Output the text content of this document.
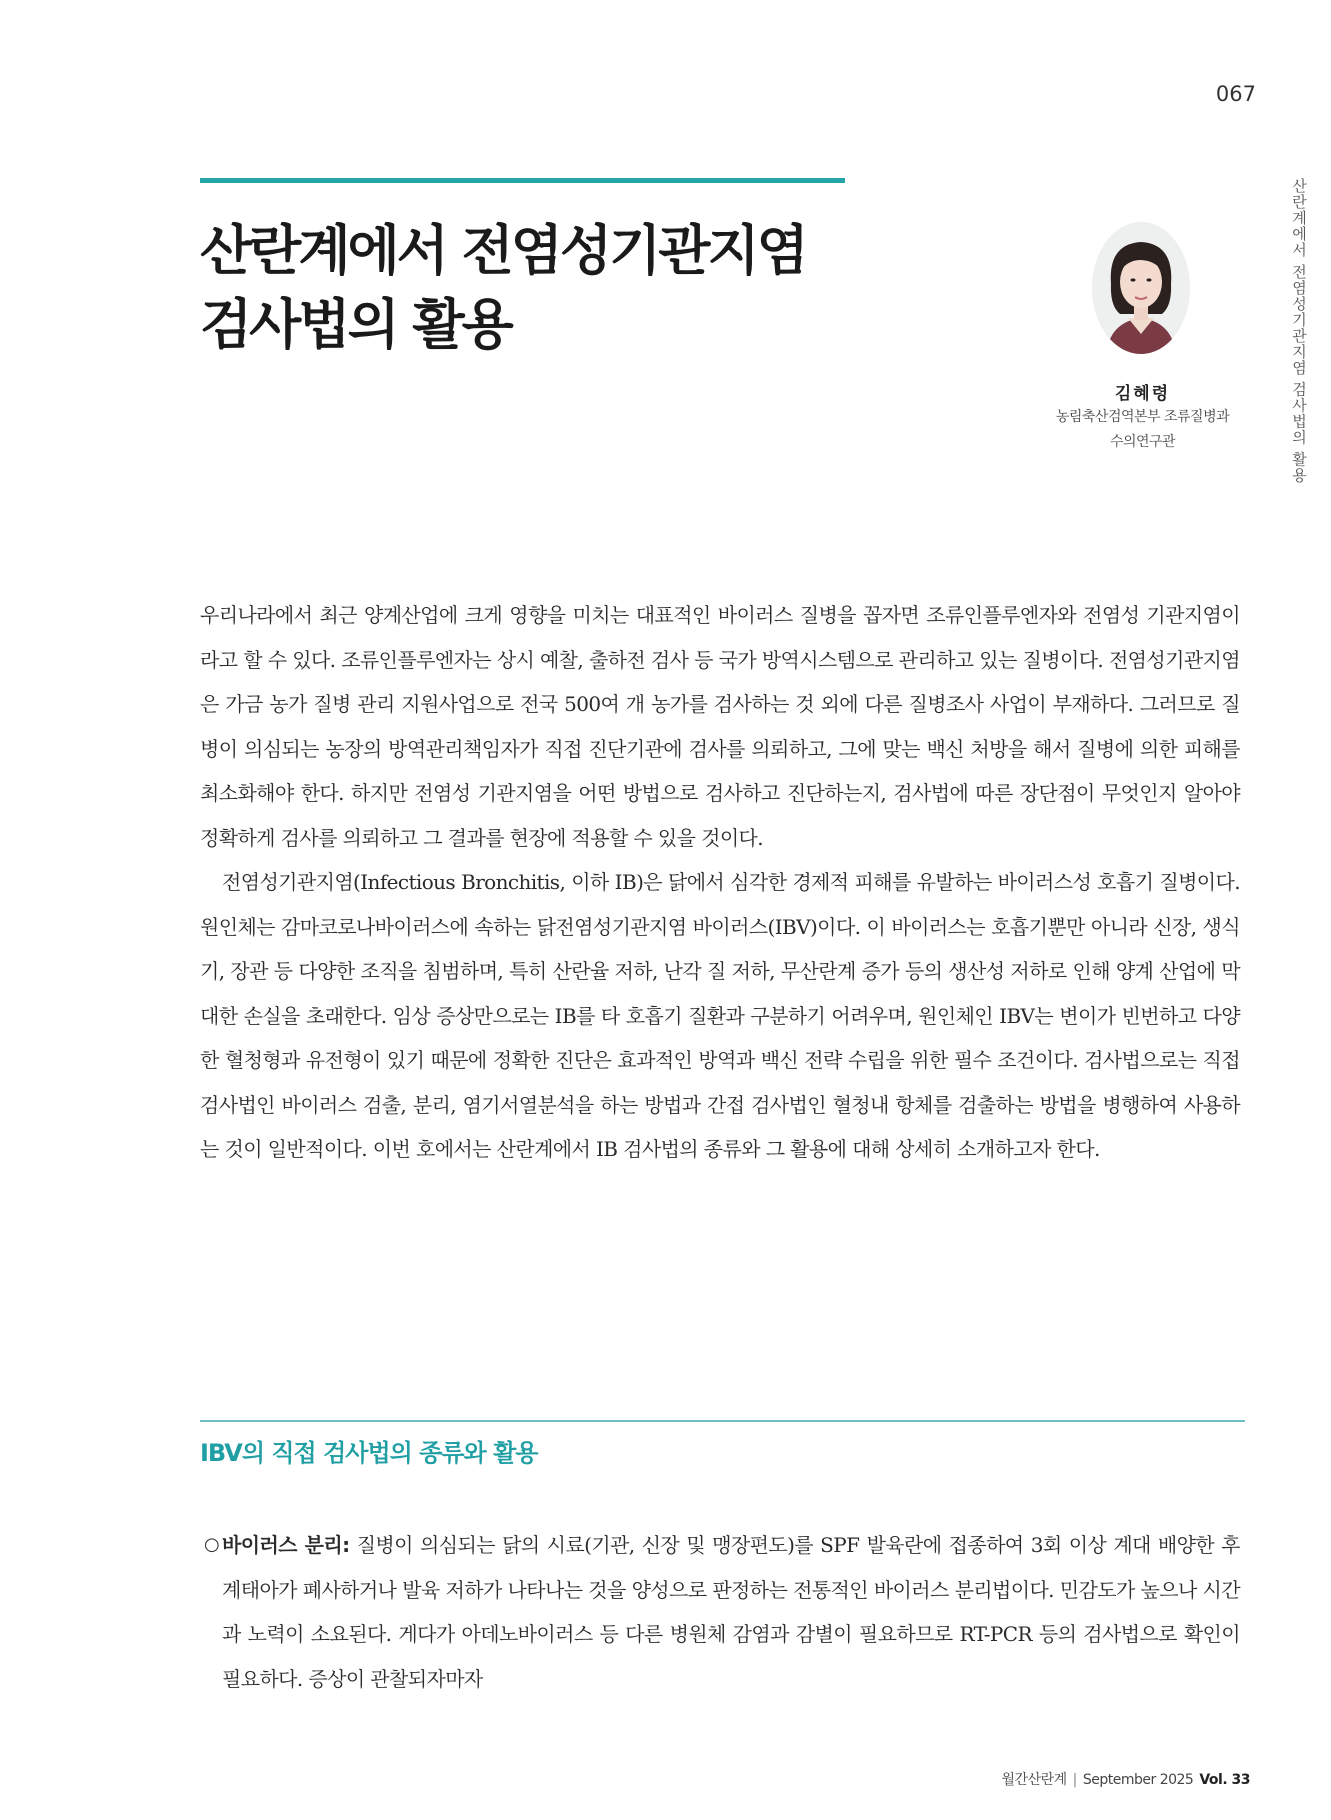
067
산란계에서 전염성기관지염 검사법의 활용
산란계에서 전염성기관지염
검사법의 활용
김혜령
농림축산검역본부 조류질병과
수의연구관

우리나라에서 최근 양계산업에 크게 영향을 미치는 대표적인 바이러스 질병을 꼽자면 조류인플루엔자와 전염성 기관지염이라고 할 수 있다. 조류인플루엔자는 상시 예찰, 출하전 검사 등 국가 방역시스템으로 관리하고 있는 질병이다. 전염성기관지염은 가금 농가 질병 관리 지원사업으로 전국 500여 개 농가를 검사하는 것 외에 다른 질병조사 사업이 부재하다. 그러므로 질병이 의심되는 농장의 방역관리책임자가 직접 진단기관에 검사를 의뢰하고, 그에 맞는 백신 처방을 해서 질병에 의한 피해를 최소화해야 한다. 하지만 전염성 기관지염을 어떤 방법으로 검사하고 진단하는지, 검사법에 따른 장단점이 무엇인지 알아야 정확하게 검사를 의뢰하고 그 결과를 현장에 적용할 수 있을 것이다.

전염성기관지염(Infectious Bronchitis, 이하 IB)은 닭에서 심각한 경제적 피해를 유발하는 바이러스성 호흡기 질병이다. 원인체는 감마코로나바이러스에 속하는 닭전염성기관지염 바이러스(IBV)이다. 이 바이러스는 호흡기뿐만 아니라 신장, 생식기, 장관 등 다양한 조직을 침범하며, 특히 산란율 저하, 난각 질 저하, 무산란계 증가 등의 생산성 저하로 인해 양계 산업에 막대한 손실을 초래한다. 임상 증상만으로는 IB를 타 호흡기 질환과 구분하기 어려우며, 원인체인 IBV는 변이가 빈번하고 다양한 혈청형과 유전형이 있기 때문에 정확한 진단은 효과적인 방역과 백신 전략 수립을 위한 필수 조건이다. 검사법으로는 직접 검사법인 바이러스 검출, 분리, 염기서열분석을 하는 방법과 간접 검사법인 혈청내 항체를 검출하는 방법을 병행하여 사용하는 것이 일반적이다. 이번 호에서는 산란계에서 IB 검사법의 종류와 그 활용에 대해 상세히 소개하고자 한다.

IBV의 직접 검사법의 종류와 활용
○ 바이러스 분리: 질병이 의심되는 닭의 시료(기관, 신장 및 맹장편도)를 SPF 발육란에 접종하여 3회 이상 계대 배양한 후 계태아가 폐사하거나 발육 저하가 나타나는 것을 양성으로 판정하는 전통적인 바이러스 분리법이다. 민감도가 높으나 시간과 노력이 소요된다. 게다가 아데노바이러스 등 다른 병원체 감염과 감별이 필요하므로 RT-PCR 등의 검사법으로 확인이 필요하다. 증상이 관찰되자마자
월간산란계 | September 2025 Vol. 33
